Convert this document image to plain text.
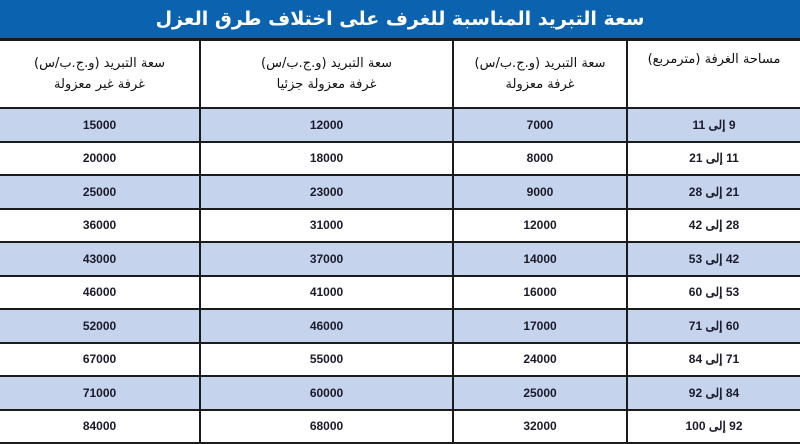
سعة التبريد المناسبة للغرف على اختلاف طرق العزل
مساحة الغرفة (مترمربع)

سعة التبريد (و.ج.ب/س)
غرفة معزولة

سعة التبريد (و.ج.ب/س)
غرفة معزولة جزئيا

سعة التبريد (و.ج.ب/س)
غرفة غير معزولة

9 إلى 11	7000	12000	15000
11 إلى 21	8000	18000	20000
21 إلى 28	9000	23000	25000
28 إلى 42	12000	31000	36000
42 إلى 53	14000	37000	43000
53 إلى 60	16000	41000	46000
60 إلى 71	17000	46000	52000
71 إلى 84	24000	55000	67000
84 إلى 92	25000	60000	71000
92 إلى 100	32000	68000	84000
